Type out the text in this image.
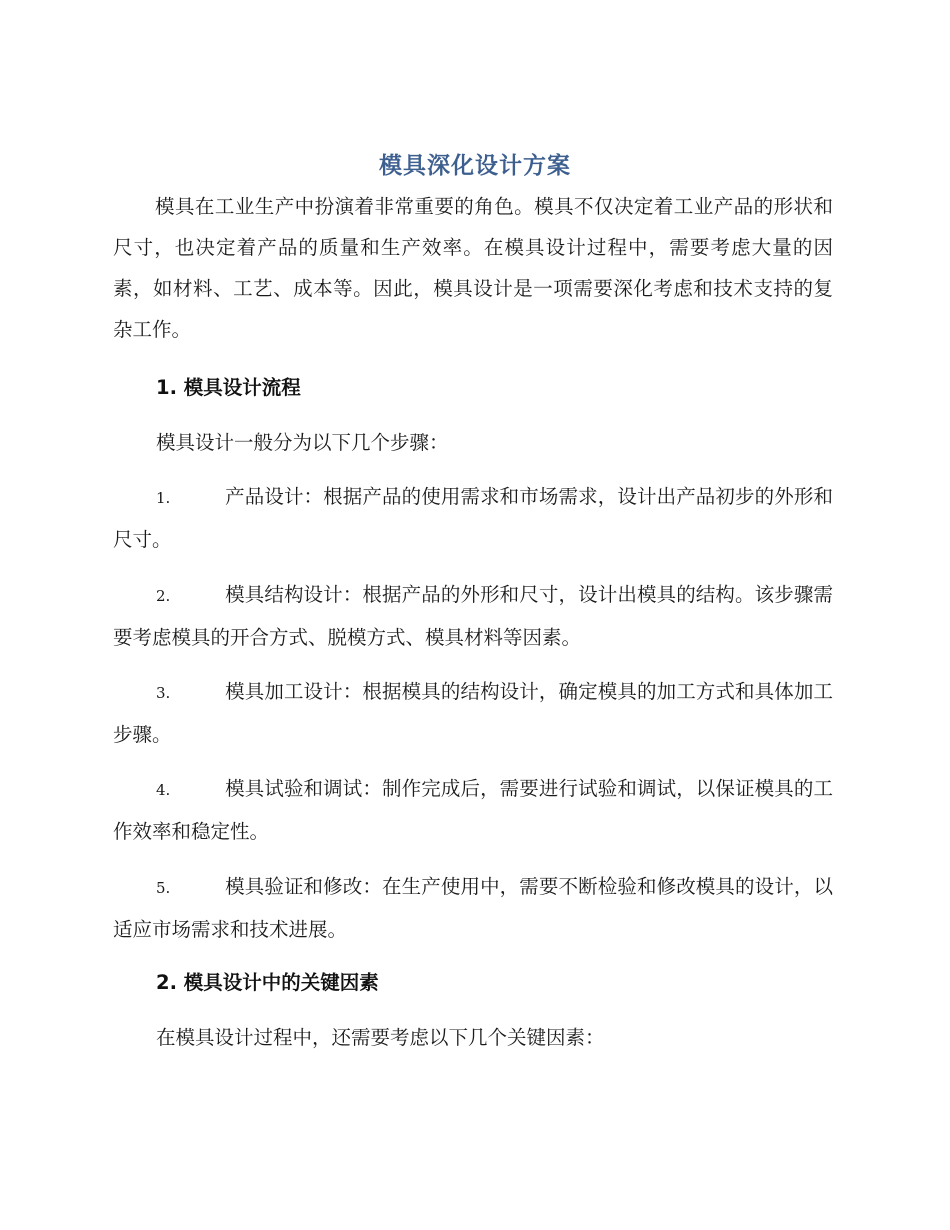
模具深化设计方案
模具在工业生产中扮演着非常重要的角色。模具不仅决定着工业产品的形状和尺寸，也决定着产品的质量和生产效率。在模具设计过程中，需要考虑大量的因素，如材料、工艺、成本等。因此，模具设计是一项需要深化考虑和技术支持的复杂工作。
1. 模具设计流程
模具设计一般分为以下几个步骤：
1.	产品设计：根据产品的使用需求和市场需求，设计出产品初步的外形和尺寸。
2.	模具结构设计：根据产品的外形和尺寸，设计出模具的结构。该步骤需要考虑模具的开合方式、脱模方式、模具材料等因素。
3.	模具加工设计：根据模具的结构设计，确定模具的加工方式和具体加工步骤。
4.	模具试验和调试：制作完成后，需要进行试验和调试，以保证模具的工作效率和稳定性。
5.	模具验证和修改：在生产使用中，需要不断检验和修改模具的设计，以适应市场需求和技术进展。
2. 模具设计中的关键因素
在模具设计过程中，还需要考虑以下几个关键因素：
